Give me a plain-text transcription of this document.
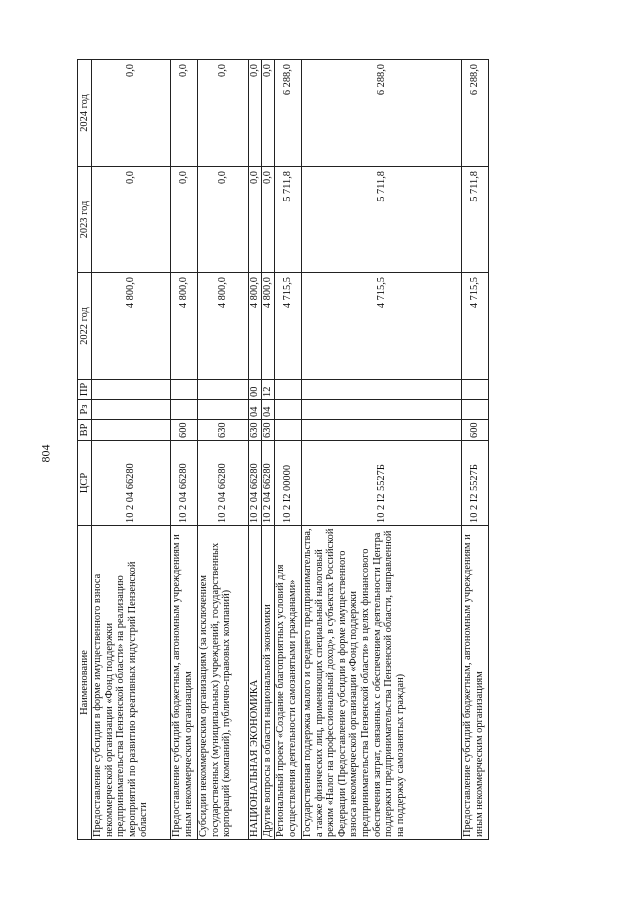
804
Наименование	ЦСР	ВР	Рз	ПР	2022 год	2023 год	2024 год
Предоставление субсидии в форме имущественного взноса некоммерческой организации «Фонд поддержки предпринимательства Пензенской области» на реализацию мероприятий по развитию креативных индустрий Пензенской области	10 2 04 66280				4 800,0	0,0	0,0
Предоставление субсидий бюджетным, автономным учреждениям и иным некоммерческим организациям	10 2 04 66280	600			4 800,0	0,0	0,0
Субсидии некоммерческим организациям (за исключением государственных (муниципальных) учреждений, государственных корпораций (компаний), публично-правовых компаний)	10 2 04 66280	630			4 800,0	0,0	0,0
НАЦИОНАЛЬНАЯ ЭКОНОМИКА	10 2 04 66280	630	04	00	4 800,0	0,0	0,0
Другие вопросы в области национальной экономики	10 2 04 66280	630	04	12	4 800,0	0,0	0,0
Региональный проект «Создание благоприятных условий для осуществления деятельности самозанятыми гражданами»	10 2 I2 00000				4 715,5	5 711,8	6 288,0
Государственная поддержка малого и среднего предпринимательства, а также физических лиц, применяющих специальный налоговый режим «Налог на профессиональный доход», в субъектах Российской Федерации (Предоставление субсидии в форме имущественного взноса некоммерческой организации «Фонд поддержки предпринимательства Пензенской области» в целях финансового обеспечения затрат, связанных с обеспечением деятельности Центра поддержки предпринимательства Пензенской области, направленной на поддержку самозанятых граждан)	10 2 I2 5527Б				4 715,5	5 711,8	6 288,0
Предоставление субсидий бюджетным, автономным учреждениям и иным некоммерческим организациям	10 2 I2 5527Б	600			4 715,5	5 711,8	6 288,0
